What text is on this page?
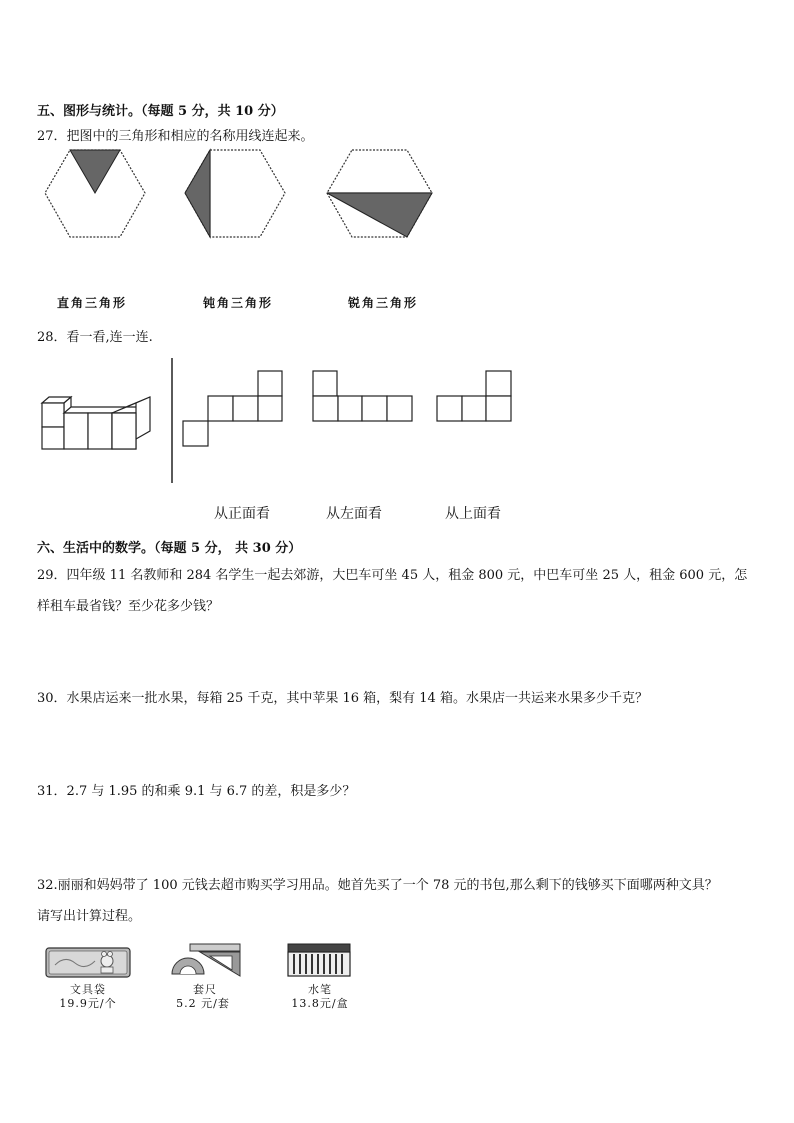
五、图形与统计。（每题 5 分，共 10 分）
27．把图中的三角形和相应的名称用线连起来。
直角三角形	钝角三角形	锐角三角形
28．看一看,连一连.
从正面看	从左面看	从上面看
六、生活中的数学。（每题 5 分， 共 30 分）
29．四年级 11 名教师和 284 名学生一起去郊游，大巴车可坐 45 人，租金 800 元，中巴车可坐 25 人，租金 600 元，怎
样租车最省钱？至少花多少钱？
30．水果店运来一批水果，每箱 25 千克，其中苹果 16 箱，梨有 14 箱。水果店一共运来水果多少千克？
31．2.7 与 1.95 的和乘 9.1 与 6.7 的差，积是多少？
32.丽丽和妈妈带了 100 元钱去超市购买学习用品。她首先买了一个 78 元的书包,那么剩下的钱够买下面哪两种文具？
请写出计算过程。
文具袋
19.9元/个
套尺
5.2 元/套
水笔
13.8元/盒
